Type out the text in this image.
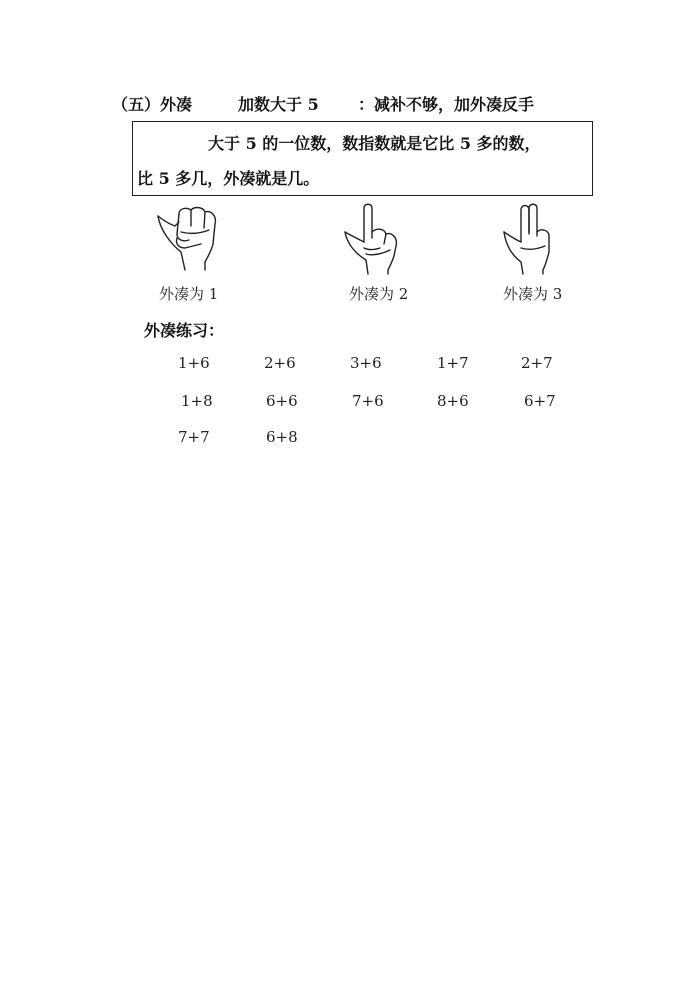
（五）外凑	加数大于 5 ：减补不够，加外凑反手
大于 5 的一位数，数指数就是它比 5 多的数，
比 5 多几，外凑就是几。
外凑为 1	外凑为 2	外凑为 3
外凑练习：
1+6	2+6	3+6	1+7	2+7
1+8	6+6	7+6	8+6	6+7
7+7	6+8
